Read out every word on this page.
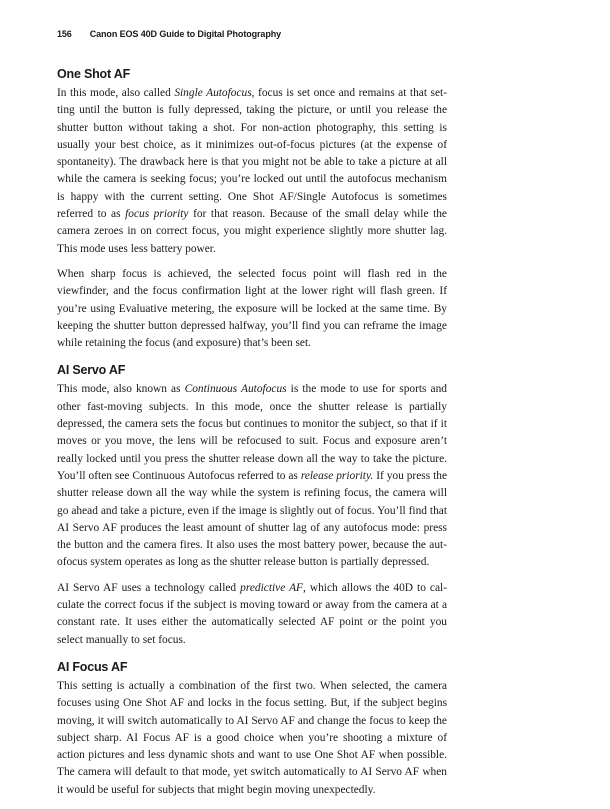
156 Canon EOS 40D Guide to Digital Photography
One Shot AF

In this mode, also called Single Autofocus, focus is set once and remains at that setting until the button is fully depressed, taking the picture, or until you release the shutter button without taking a shot. For non-action photography, this setting is usually your best choice, as it minimizes out-of-focus pictures (at the expense of spontaneity). The drawback here is that you might not be able to take a picture at all while the camera is seeking focus; you’re locked out until the autofocus mechanism is happy with the current setting. One Shot AF/Single Autofocus is sometimes referred to as focus priority for that reason. Because of the small delay while the camera zeroes in on correct focus, you might experience slightly more shutter lag. This mode uses less battery power.

When sharp focus is achieved, the selected focus point will flash red in the viewfinder, and the focus confirmation light at the lower right will flash green. If you’re using Evaluative metering, the exposure will be locked at the same time. By keeping the shutter button depressed halfway, you’ll find you can reframe the image while retaining the focus (and exposure) that’s been set.

AI Servo AF

This mode, also known as Continuous Autofocus is the mode to use for sports and other fast-moving subjects. In this mode, once the shutter release is partially depressed, the camera sets the focus but continues to monitor the subject, so that if it moves or you move, the lens will be refocused to suit. Focus and exposure aren’t really locked until you press the shutter release down all the way to take the picture. You’ll often see Continuous Autofocus referred to as release priority. If you press the shutter release down all the way while the system is refining focus, the camera will go ahead and take a picture, even if the image is slightly out of focus. You’ll find that AI Servo AF produces the least amount of shutter lag of any autofocus mode: press the button and the camera fires. It also uses the most battery power, because the autofocus system operates as long as the shutter release button is partially depressed.

AI Servo AF uses a technology called predictive AF, which allows the 40D to calculate the correct focus if the subject is moving toward or away from the camera at a constant rate. It uses either the automatically selected AF point or the point you select manually to set focus.

AI Focus AF

This setting is actually a combination of the first two. When selected, the camera focuses using One Shot AF and locks in the focus setting. But, if the subject begins moving, it will switch automatically to AI Servo AF and change the focus to keep the subject sharp. AI Focus AF is a good choice when you’re shooting a mixture of action pictures and less dynamic shots and want to use One Shot AF when possible. The camera will default to that mode, yet switch automatically to AI Servo AF when it would be useful for subjects that might begin moving unexpectedly.
